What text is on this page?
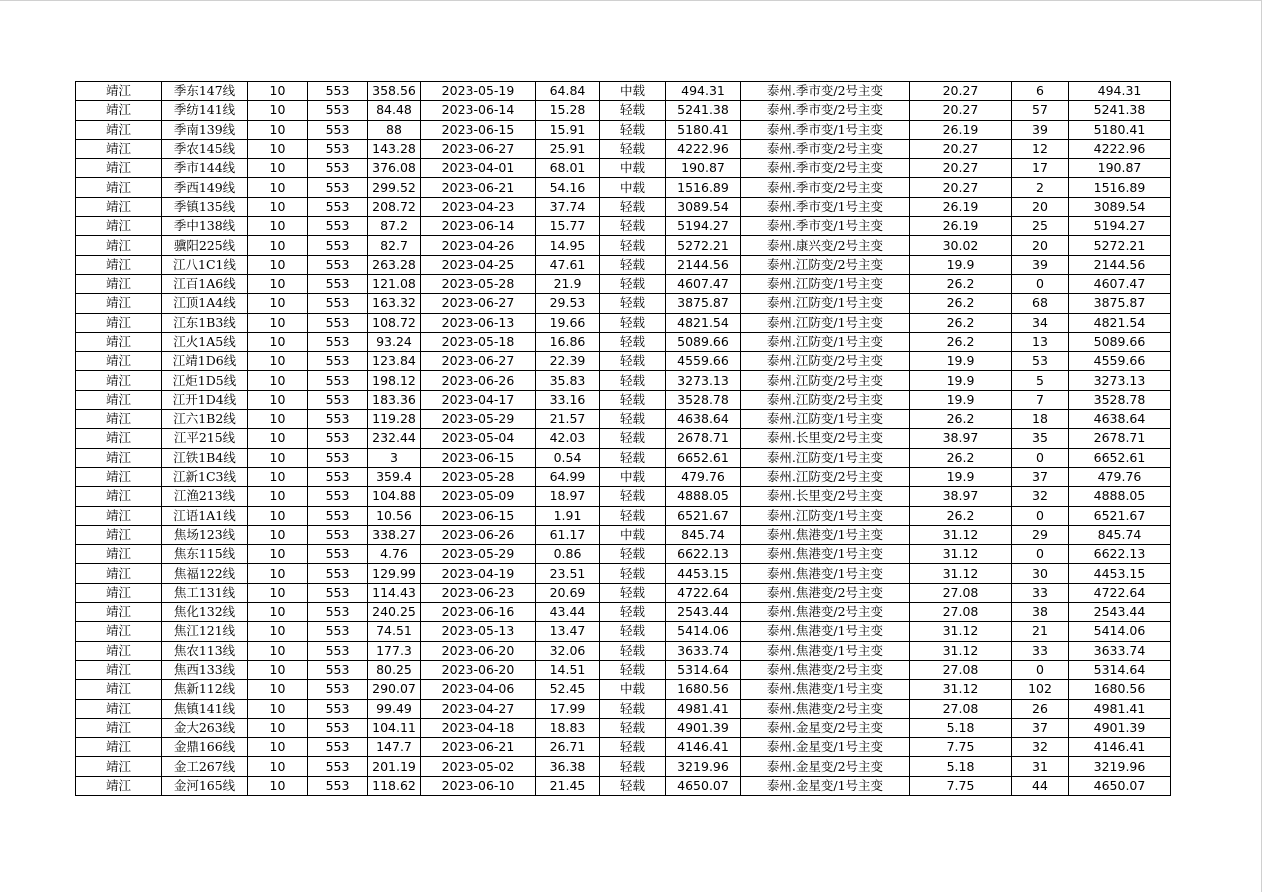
靖江	季东147线	10	553	358.56	2023-05-19	64.84	中载	494.31	泰州.季市变/2号主变	20.27	6	494.31
靖江	季纺141线	10	553	84.48	2023-06-14	15.28	轻载	5241.38	泰州.季市变/2号主变	20.27	57	5241.38
靖江	季南139线	10	553	88	2023-06-15	15.91	轻载	5180.41	泰州.季市变/1号主变	26.19	39	5180.41
靖江	季农145线	10	553	143.28	2023-06-27	25.91	轻载	4222.96	泰州.季市变/2号主变	20.27	12	4222.96
靖江	季市144线	10	553	376.08	2023-04-01	68.01	中载	190.87	泰州.季市变/2号主变	20.27	17	190.87
靖江	季西149线	10	553	299.52	2023-06-21	54.16	中载	1516.89	泰州.季市变/2号主变	20.27	2	1516.89
靖江	季镇135线	10	553	208.72	2023-04-23	37.74	轻载	3089.54	泰州.季市变/1号主变	26.19	20	3089.54
靖江	季中138线	10	553	87.2	2023-06-14	15.77	轻载	5194.27	泰州.季市变/1号主变	26.19	25	5194.27
靖江	骥阳225线	10	553	82.7	2023-04-26	14.95	轻载	5272.21	泰州.康兴变/2号主变	30.02	20	5272.21
靖江	江八1C1线	10	553	263.28	2023-04-25	47.61	轻载	2144.56	泰州.江防变/2号主变	19.9	39	2144.56
靖江	江百1A6线	10	553	121.08	2023-05-28	21.9	轻载	4607.47	泰州.江防变/1号主变	26.2	0	4607.47
靖江	江顶1A4线	10	553	163.32	2023-06-27	29.53	轻载	3875.87	泰州.江防变/1号主变	26.2	68	3875.87
靖江	江东1B3线	10	553	108.72	2023-06-13	19.66	轻载	4821.54	泰州.江防变/1号主变	26.2	34	4821.54
靖江	江火1A5线	10	553	93.24	2023-05-18	16.86	轻载	5089.66	泰州.江防变/1号主变	26.2	13	5089.66
靖江	江靖1D6线	10	553	123.84	2023-06-27	22.39	轻载	4559.66	泰州.江防变/2号主变	19.9	53	4559.66
靖江	江炬1D5线	10	553	198.12	2023-06-26	35.83	轻载	3273.13	泰州.江防变/2号主变	19.9	5	3273.13
靖江	江开1D4线	10	553	183.36	2023-04-17	33.16	轻载	3528.78	泰州.江防变/2号主变	19.9	7	3528.78
靖江	江六1B2线	10	553	119.28	2023-05-29	21.57	轻载	4638.64	泰州.江防变/1号主变	26.2	18	4638.64
靖江	江平215线	10	553	232.44	2023-05-04	42.03	轻载	2678.71	泰州.长里变/2号主变	38.97	35	2678.71
靖江	江铁1B4线	10	553	3	2023-06-15	0.54	轻载	6652.61	泰州.江防变/1号主变	26.2	0	6652.61
靖江	江新1C3线	10	553	359.4	2023-05-28	64.99	中载	479.76	泰州.江防变/2号主变	19.9	37	479.76
靖江	江渔213线	10	553	104.88	2023-05-09	18.97	轻载	4888.05	泰州.长里变/2号主变	38.97	32	4888.05
靖江	江语1A1线	10	553	10.56	2023-06-15	1.91	轻载	6521.67	泰州.江防变/1号主变	26.2	0	6521.67
靖江	焦场123线	10	553	338.27	2023-06-26	61.17	中载	845.74	泰州.焦港变/1号主变	31.12	29	845.74
靖江	焦东115线	10	553	4.76	2023-05-29	0.86	轻载	6622.13	泰州.焦港变/1号主变	31.12	0	6622.13
靖江	焦福122线	10	553	129.99	2023-04-19	23.51	轻载	4453.15	泰州.焦港变/1号主变	31.12	30	4453.15
靖江	焦工131线	10	553	114.43	2023-06-23	20.69	轻载	4722.64	泰州.焦港变/2号主变	27.08	33	4722.64
靖江	焦化132线	10	553	240.25	2023-06-16	43.44	轻载	2543.44	泰州.焦港变/2号主变	27.08	38	2543.44
靖江	焦江121线	10	553	74.51	2023-05-13	13.47	轻载	5414.06	泰州.焦港变/1号主变	31.12	21	5414.06
靖江	焦农113线	10	553	177.3	2023-06-20	32.06	轻载	3633.74	泰州.焦港变/1号主变	31.12	33	3633.74
靖江	焦西133线	10	553	80.25	2023-06-20	14.51	轻载	5314.64	泰州.焦港变/2号主变	27.08	0	5314.64
靖江	焦新112线	10	553	290.07	2023-04-06	52.45	中载	1680.56	泰州.焦港变/1号主变	31.12	102	1680.56
靖江	焦镇141线	10	553	99.49	2023-04-27	17.99	轻载	4981.41	泰州.焦港变/2号主变	27.08	26	4981.41
靖江	金大263线	10	553	104.11	2023-04-18	18.83	轻载	4901.39	泰州.金星变/2号主变	5.18	37	4901.39
靖江	金鼎166线	10	553	147.7	2023-06-21	26.71	轻载	4146.41	泰州.金星变/1号主变	7.75	32	4146.41
靖江	金工267线	10	553	201.19	2023-05-02	36.38	轻载	3219.96	泰州.金星变/2号主变	5.18	31	3219.96
靖江	金河165线	10	553	118.62	2023-06-10	21.45	轻载	4650.07	泰州.金星变/1号主变	7.75	44	4650.07
